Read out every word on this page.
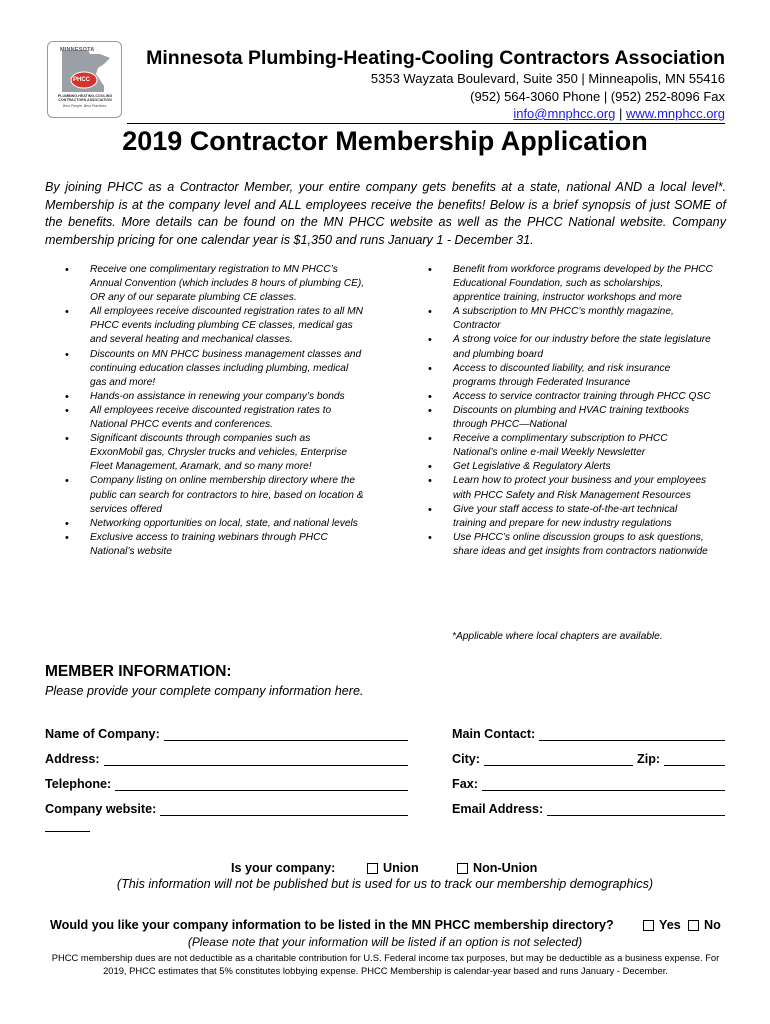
MINNESOTA
PHCC
PLUMBING-HEATING-COOLING CONTRACTORS ASSOCIATION
Best People. Best Practices.
Minnesota Plumbing-Heating-Cooling Contractors Association
5353 Wayzata Boulevard, Suite 350 | Minneapolis, MN 55416
(952) 564-3060 Phone | (952) 252-8096 Fax
info@mnphcc.org | www.mnphcc.org
2019 Contractor Membership Application
By joining PHCC as a Contractor Member, your entire company gets benefits at a state, national AND a local level*. Membership is at the company level and ALL employees receive the benefits! Below is a brief synopsis of just SOME of the benefits. More details can be found on the MN PHCC website as well as the PHCC National website. Company membership pricing for one calendar year is $1,350 and runs January 1 - December 31.
• Receive one complimentary registration to MN PHCC’s Annual Convention (which includes 8 hours of plumbing CE), OR any of our separate plumbing CE classes.
• All employees receive discounted registration rates to all MN PHCC events including plumbing CE classes, medical gas and several heating and mechanical classes.
• Discounts on MN PHCC business management classes and continuing education classes including plumbing, medical gas and more!
• Hands-on assistance in renewing your company’s bonds
• All employees receive discounted registration rates to National PHCC events and conferences.
• Significant discounts through companies such as ExxonMobil gas, Chrysler trucks and vehicles, Enterprise Fleet Management, Aramark, and so many more!
• Company listing on online membership directory where the public can search for contractors to hire, based on location & services offered
• Networking opportunities on local, state, and national levels
• Exclusive access to training webinars through PHCC National’s website
• Benefit from workforce programs developed by the PHCC Educational Foundation, such as scholarships, apprentice training, instructor workshops and more
• A subscription to MN PHCC’s monthly magazine, Contractor
• A strong voice for our industry before the state legislature and plumbing board
• Access to discounted liability, and risk insurance programs through Federated Insurance
• Access to service contractor training through PHCC QSC
• Discounts on plumbing and HVAC training textbooks through PHCC—National
• Receive a complimentary subscription to PHCC National’s online e-mail Weekly Newsletter
• Get Legislative & Regulatory Alerts
• Learn how to protect your business and your employees with PHCC Safety and Risk Management Resources
• Give your staff access to state-of-the-art technical training and prepare for new industry regulations
• Use PHCC’s online discussion groups to ask questions, share ideas and get insights from contractors nationwide
*Applicable where local chapters are available.
MEMBER INFORMATION:
Please provide your complete company information here.
Name of Company:
Address:
Telephone:
Company website:
Main Contact:
City:	Zip:
Fax:
Email Address:
Is your company:	Union	Non-Union
(This information will not be published but is used for us to track our membership demographics)
Would you like your company information to be listed in the MN PHCC membership directory?	Yes No
(Please note that your information will be listed if an option is not selected)
PHCC membership dues are not deductible as a charitable contribution for U.S. Federal income tax purposes, but may be deductible as a business expense. For 2019, PHCC estimates that 5% constitutes lobbying expense. PHCC Membership is calendar-year based and runs January - December.
